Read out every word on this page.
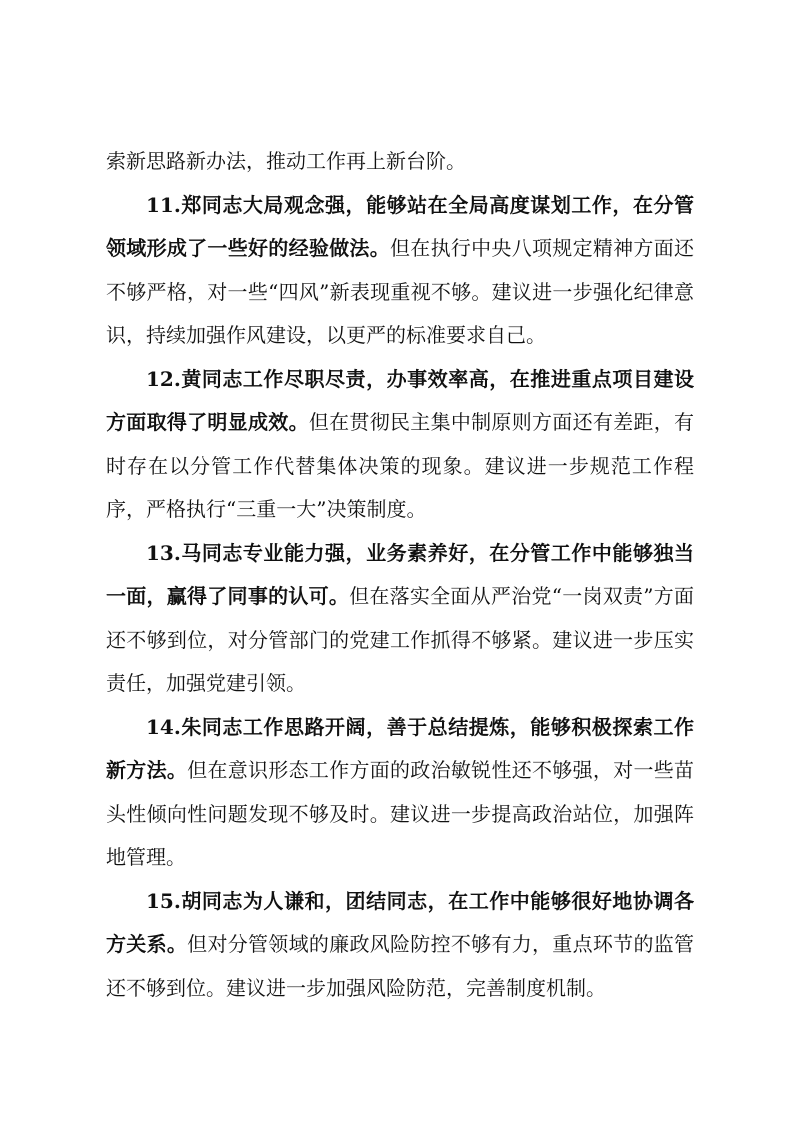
索新思路新办法，推动工作再上新台阶。

11.郑同志大局观念强，能够站在全局高度谋划工作，在分管领域形成了一些好的经验做法。但在执行中央八项规定精神方面还不够严格，对一些“四风”新表现重视不够。建议进一步强化纪律意识，持续加强作风建设，以更严的标准要求自己。

12.黄同志工作尽职尽责，办事效率高，在推进重点项目建设方面取得了明显成效。但在贯彻民主集中制原则方面还有差距，有时存在以分管工作代替集体决策的现象。建议进一步规范工作程序，严格执行“三重一大”决策制度。

13.马同志专业能力强，业务素养好，在分管工作中能够独当一面，赢得了同事的认可。但在落实全面从严治党“一岗双责”方面还不够到位，对分管部门的党建工作抓得不够紧。建议进一步压实责任，加强党建引领。

14.朱同志工作思路开阔，善于总结提炼，能够积极探索工作新方法。但在意识形态工作方面的政治敏锐性还不够强，对一些苗头性倾向性问题发现不够及时。建议进一步提高政治站位，加强阵地管理。

15.胡同志为人谦和，团结同志，在工作中能够很好地协调各方关系。但对分管领域的廉政风险防控不够有力，重点环节的监管还不够到位。建议进一步加强风险防范，完善制度机制。
